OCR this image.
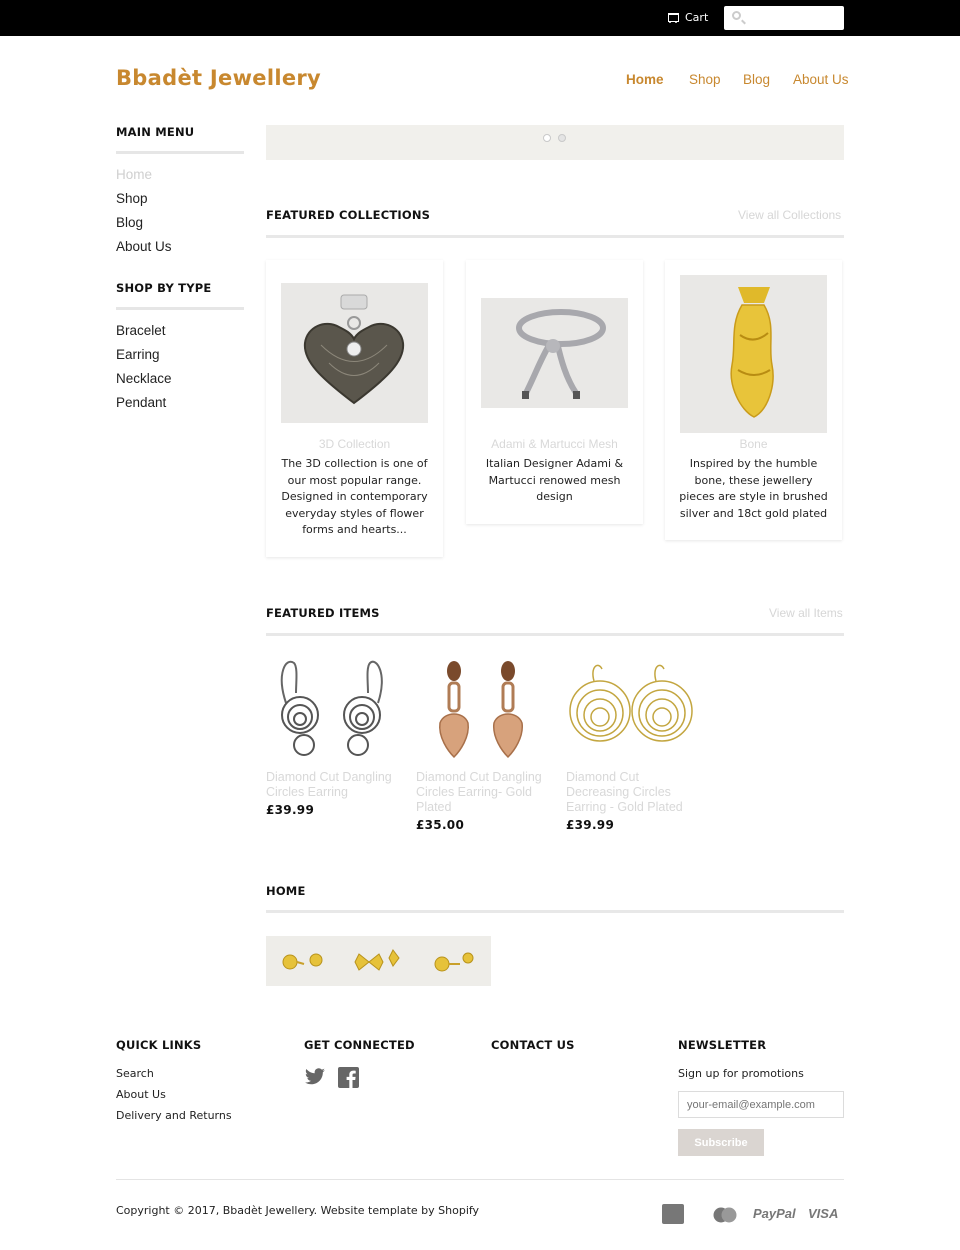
Cart
Bbadèt Jewellery	Home Shop Blog About Us
MAIN MENU
Home
Shop
Blog
About Us
SHOP BY TYPE
Bracelet
Earring
Necklace
Pendant
FEATURED COLLECTIONS	View all Collections
3D Collection
The 3D collection is one of
our most popular range.
Designed in contemporary
everyday styles of flower
forms and hearts...
Adami & Martucci Mesh
Italian Designer Adami &
Martucci renowed mesh
design
Bone
Inspired by the humble
bone, these jewellery
pieces are style in brushed
silver and 18ct gold plated
FEATURED ITEMS	View all Items
Diamond Cut Dangling
Circles Earring
£39.99
Diamond Cut Dangling
Circles Earring- Gold
Plated
£35.00
Diamond Cut
Decreasing Circles
Earring - Gold Plated
£39.99
HOME
QUICK LINKS
Search
About Us
Delivery and Returns
GET CONNECTED	CONTACT US	NEWSLETTER
Sign up for promotions
your-email@example.com
Subscribe
Copyright © 2017, Bbadèt Jewellery. Website template by Shopify	PayPal VISA
